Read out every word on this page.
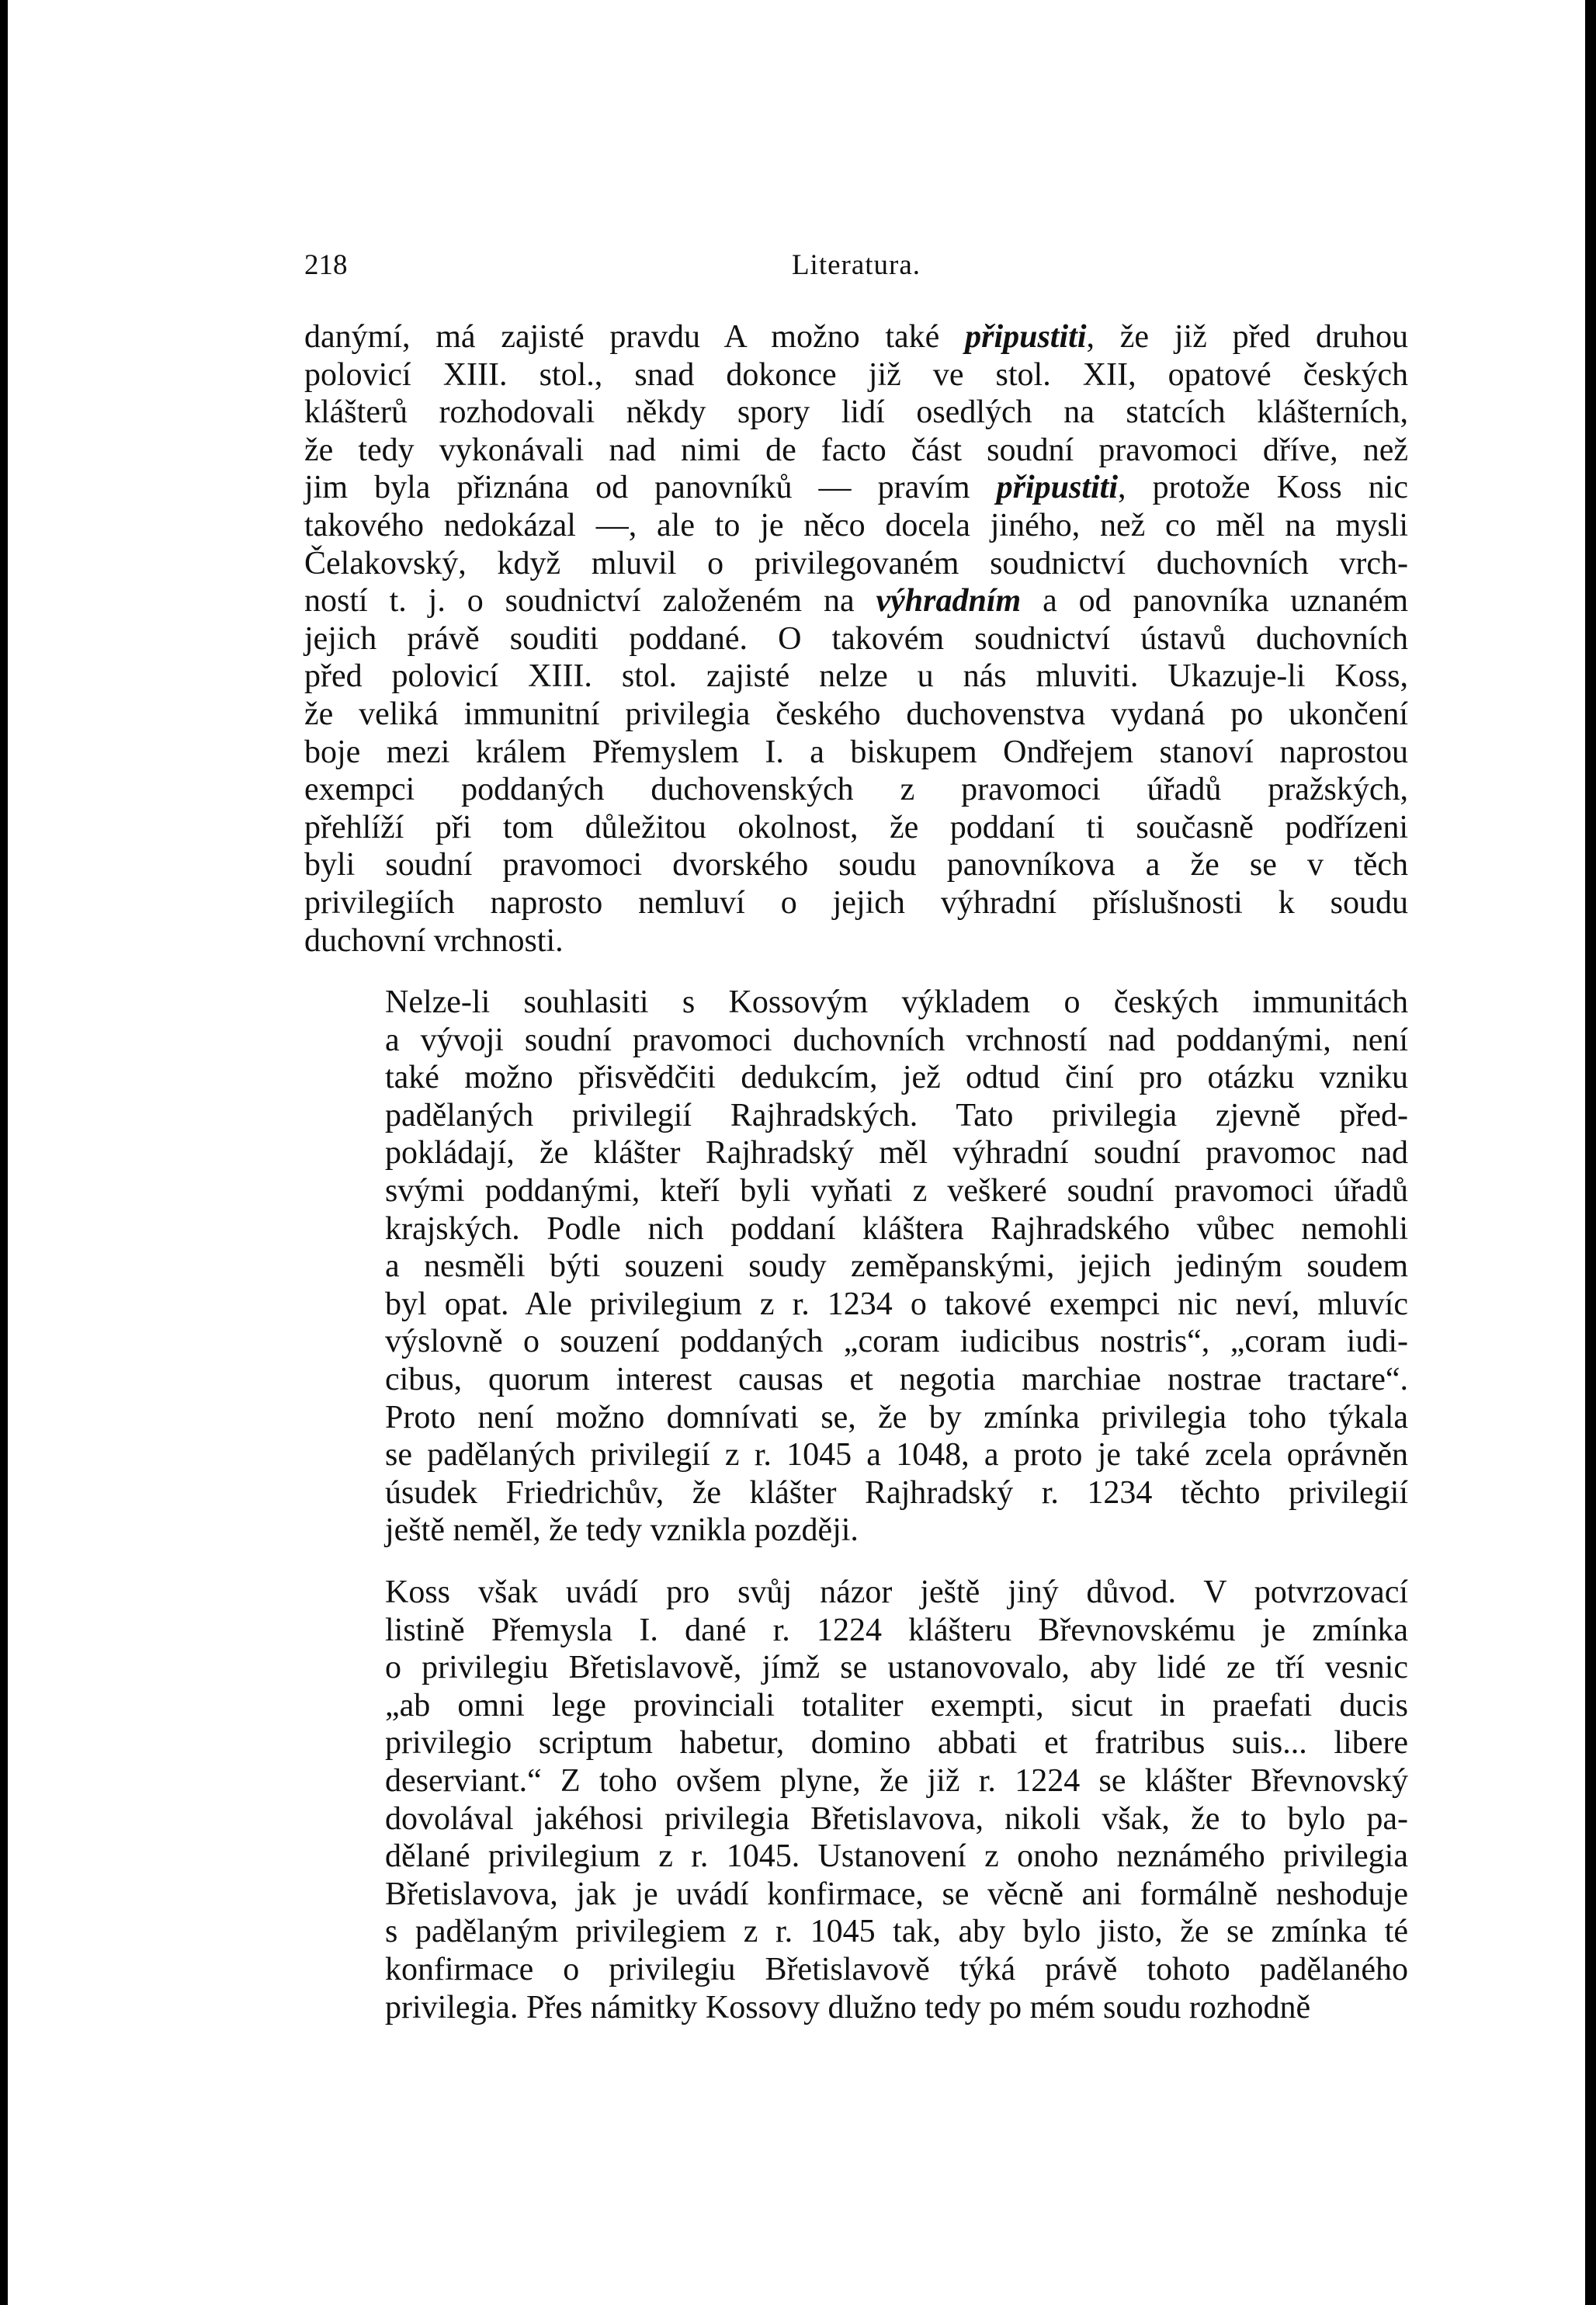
218	Literatura.
danýmí, má zajisté pravdu A možno také připustiti, že již před druhou
polovicí XIII. stol., snad dokonce již ve stol. XII, opatové českých
klášterů rozhodovali někdy spory lidí osedlých na statcích klášterních,
že tedy vykonávali nad nimi de facto část soudní pravomoci dříve, než
jim byla přiznána od panovníků — pravím připustiti, protože Koss nic
takového nedokázal —, ale to je něco docela jiného, než co měl na mysli
Čelakovský, když mluvil o privilegovaném soudnictví duchovních vrch-
ností t. j. o soudnictví založeném na výhradním a od panovníka uznaném
jejich právě souditi poddané. O takovém soudnictví ústavů duchovních
před polovicí XIII. stol. zajisté nelze u nás mluviti. Ukazuje-li Koss,
že veliká immunitní privilegia českého duchovenstva vydaná po ukončení
boje mezi králem Přemyslem I. a biskupem Ondřejem stanoví naprostou
exempci poddaných duchovenských z pravomoci úřadů pražských,
přehlíží při tom důležitou okolnost, že poddaní ti současně podřízeni
byli soudní pravomoci dvorského soudu panovníkova a že se v těch
privilegiích naprosto nemluví o jejich výhradní příslušnosti k soudu
duchovní vrchnosti.
Nelze-li souhlasiti s Kossovým výkladem o českých immunitách
a vývoji soudní pravomoci duchovních vrchností nad poddanými, není
také možno přisvědčiti dedukcím, jež odtud činí pro otázku vzniku
padělaných privilegií Rajhradských. Tato privilegia zjevně před-
pokládají, že klášter Rajhradský měl výhradní soudní pravomoc nad
svými poddanými, kteří byli vyňati z veškeré soudní pravomoci úřadů
krajských. Podle nich poddaní kláštera Rajhradského vůbec nemohli
a nesměli býti souzeni soudy zeměpanskými, jejich jediným soudem
byl opat. Ale privilegium z r. 1234 o takové exempci nic neví, mluvíc
výslovně o souzení poddaných „coram iudicibus nostris“, „coram iudi-
cibus, quorum interest causas et negotia marchiae nostrae tractare“.
Proto není možno domnívati se, že by zmínka privilegia toho týkala
se padělaných privilegií z r. 1045 a 1048, a proto je také zcela oprávněn
úsudek Friedrichův, že klášter Rajhradský r. 1234 těchto privilegií
ještě neměl, že tedy vznikla později.
Koss však uvádí pro svůj názor ještě jiný důvod. V potvrzovací
listině Přemysla I. dané r. 1224 klášteru Břevnovskému je zmínka
o privilegiu Břetislavově, jímž se ustanovovalo, aby lidé ze tří vesnic
„ab omni lege provinciali totaliter exempti, sicut in praefati ducis
privilegio scriptum habetur, domino abbati et fratribus suis... libere
deserviant.“ Z toho ovšem plyne, že již r. 1224 se klášter Břevnovský
dovolával jakéhosi privilegia Břetislavova, nikoli však, že to bylo pa-
dělané privilegium z r. 1045. Ustanovení z onoho neznámého privilegia
Břetislavova, jak je uvádí konfirmace, se věcně ani formálně neshoduje
s padělaným privilegiem z r. 1045 tak, aby bylo jisto, že se zmínka té
konfirmace o privilegiu Břetislavově týká právě tohoto padělaného
privilegia. Přes námitky Kossovy dlužno tedy po mém soudu rozhodně
